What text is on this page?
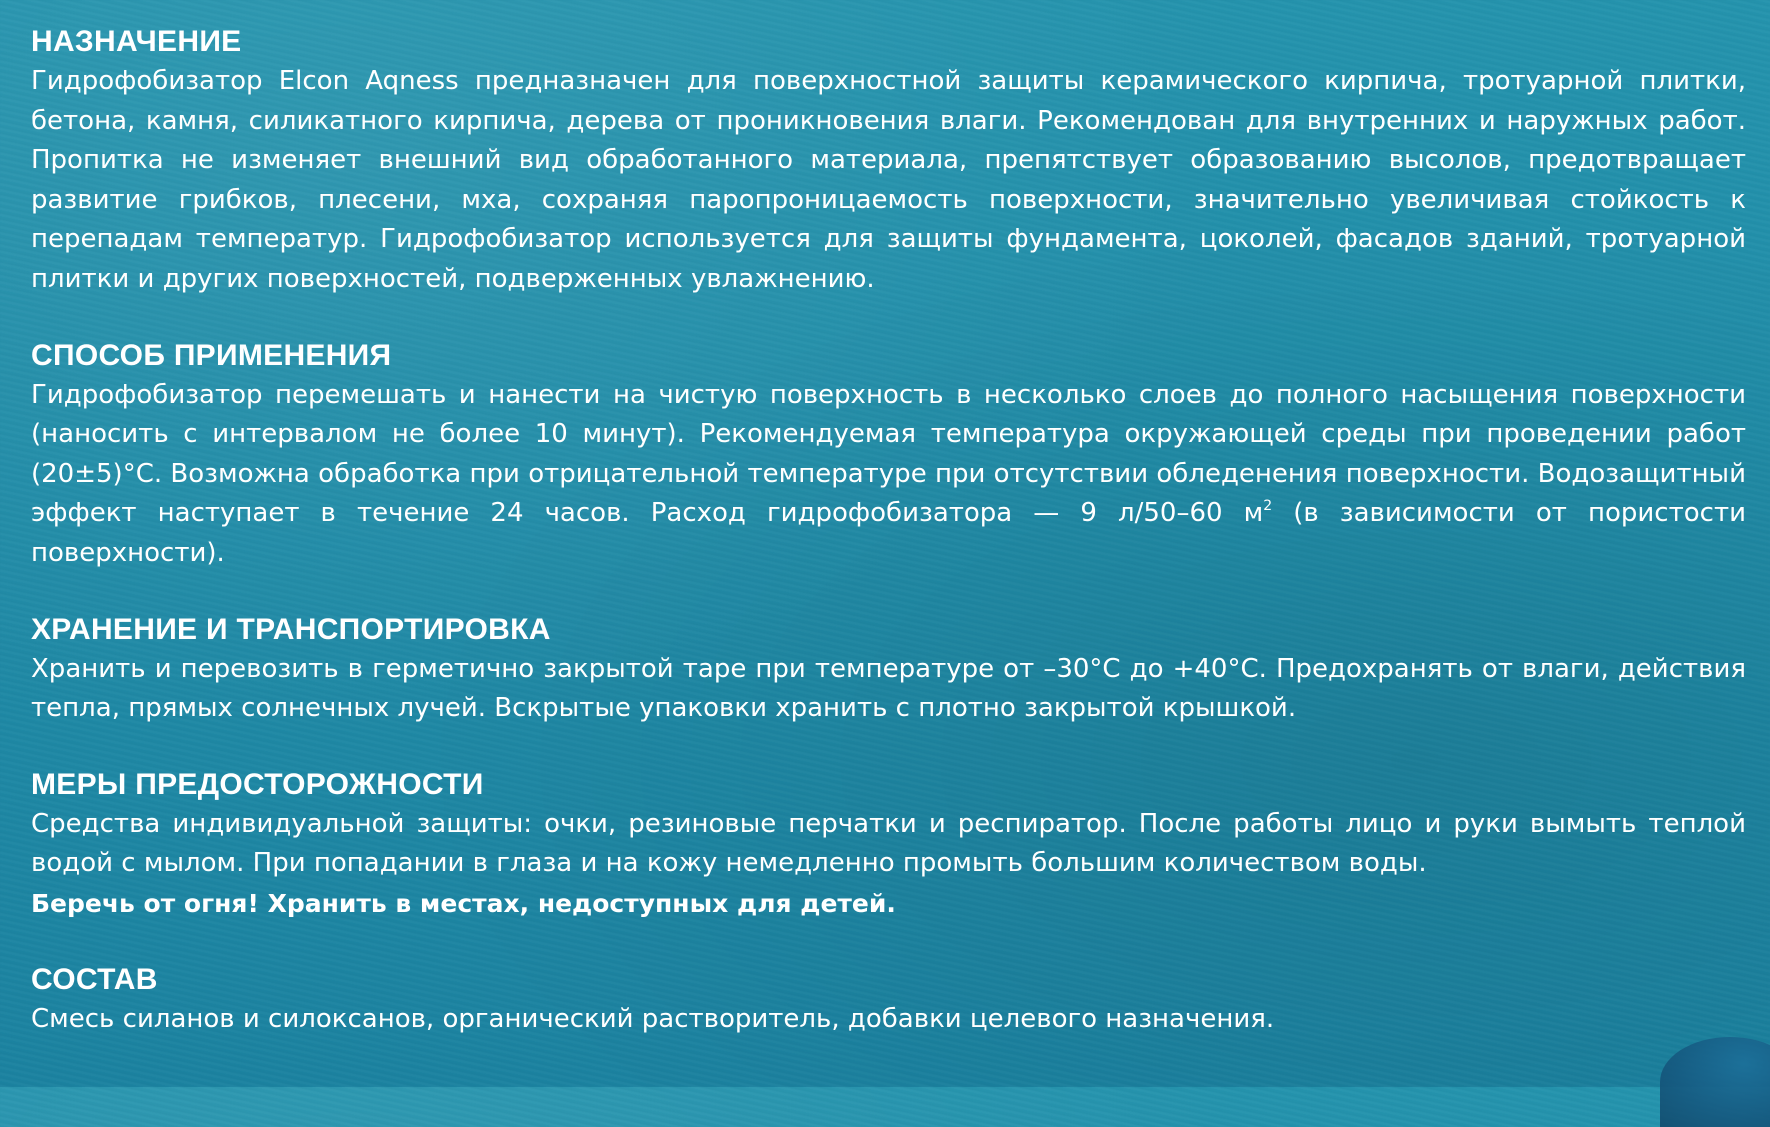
НАЗНАЧЕНИЕ

Гидрофобизатор Elcon Aqness предназначен для поверхностной защиты керамического кирпича, тротуарной плитки, бетона, камня, силикатного кирпича, дерева от проникновения влаги. Рекомендован для внутренних и наружных работ. Пропитка не изменяет внешний вид обработанного материала, препятствует образованию высолов, предотвращает развитие грибков, плесени, мха, сохраняя паропроницаемость поверхности, значительно увеличивая стойкость к перепадам температур. Гидрофобизатор используется для защиты фундамента, цоколей, фасадов зданий, тротуарной плитки и других поверхностей, подверженных увлажнению.

СПОСОБ ПРИМЕНЕНИЯ

Гидрофобизатор перемешать и нанести на чистую поверхность в несколько слоев до полного насыщения поверхности (наносить с интервалом не более 10 минут). Рекомендуемая температура окружающей среды при проведении работ (20±5)°C. Возможна обработка при отрицательной температуре при отсутствии обледенения поверхности. Водозащитный эффект наступает в течение 24 часов. Расход гидрофобизатора — 9 л/50–60 $м^2$ (в зависимости от пористости поверхности).

ХРАНЕНИЕ И ТРАНСПОРТИРОВКА

Хранить и перевозить в герметично закрытой таре при температуре от –30°C до +40°C. Предохранять от влаги, действия тепла, прямых солнечных лучей. Вскрытые упаковки хранить с плотно закрытой крышкой.

МЕРЫ ПРЕДОСТОРОЖНОСТИ

Средства индивидуальной защиты: очки, резиновые перчатки и респиратор. После работы лицо и руки вымыть теплой водой с мылом. При попадании в глаза и на кожу немедленно промыть большим количеством воды.

Беречь от огня! Хранить в местах, недоступных для детей.

СОСТАВ

Смесь силанов и силоксанов, органический растворитель, добавки целевого назначения.
